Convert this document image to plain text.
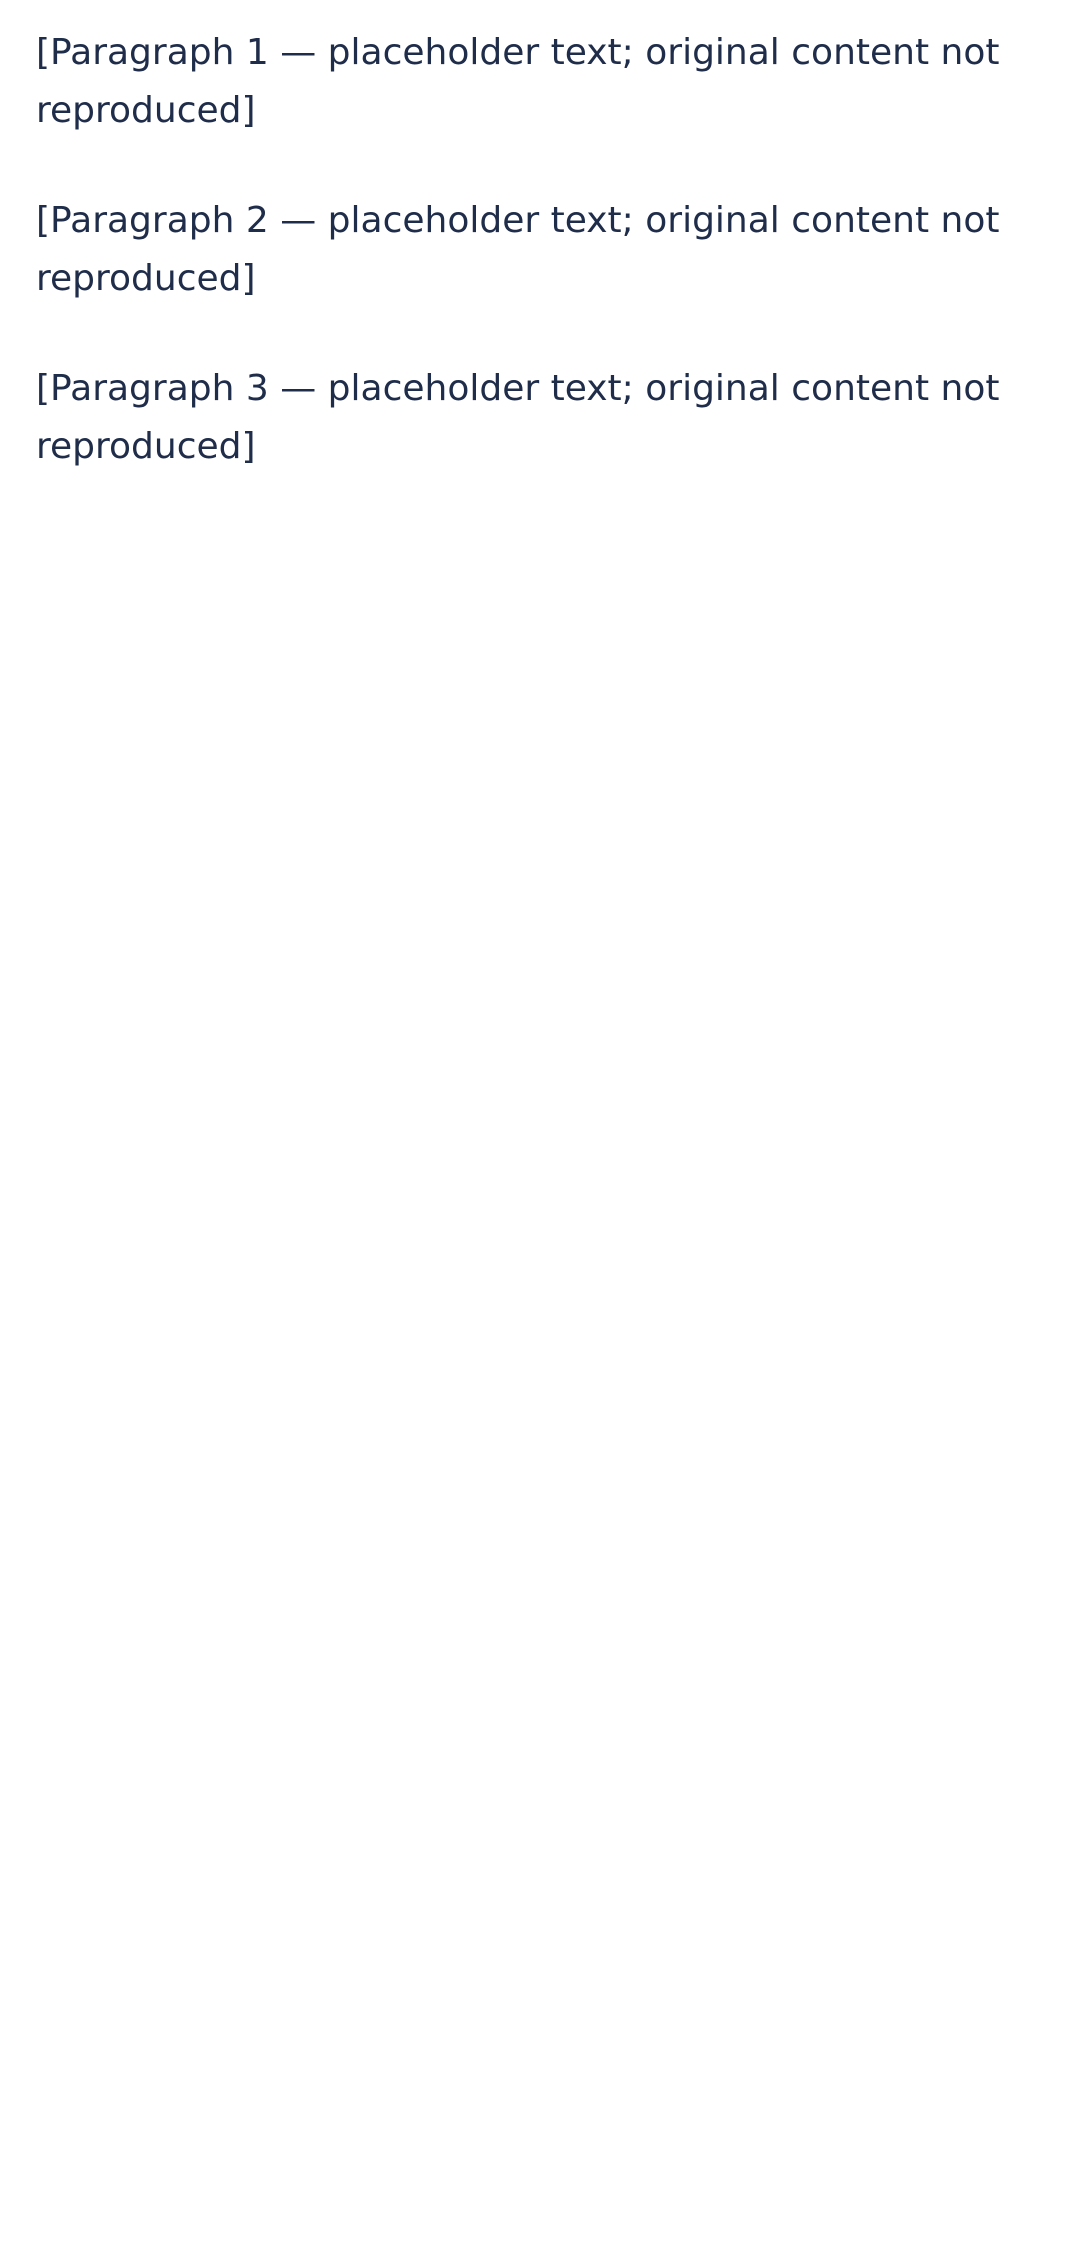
[Paragraph 1 — placeholder text; original content not reproduced]

[Paragraph 2 — placeholder text; original content not reproduced]

[Paragraph 3 — placeholder text; original content not reproduced]
